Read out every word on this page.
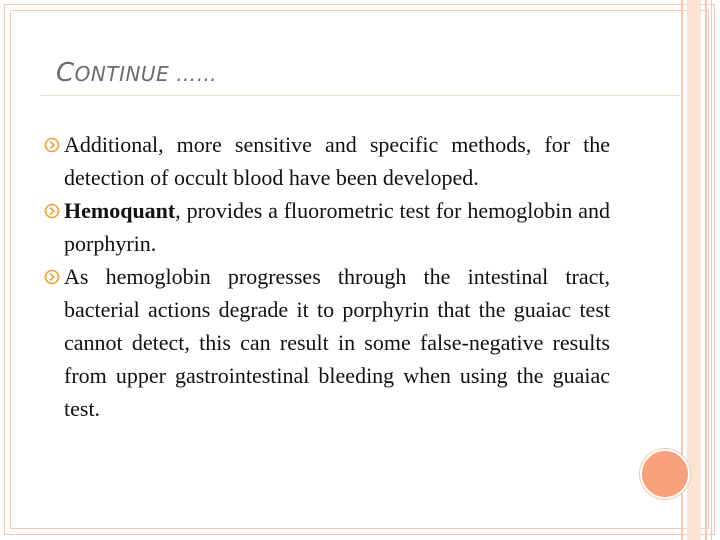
CONTINUE ……
Additional, more sensitive and specific methods, for the detection of occult blood have been developed.
Hemoquant, provides a fluorometric test for hemoglobin and porphyrin.
As hemoglobin progresses through the intestinal tract, bacterial actions degrade it to porphyrin that the guaiac test cannot detect, this can result in some false-negative results from upper gastrointestinal bleeding when using the guaiac test.
